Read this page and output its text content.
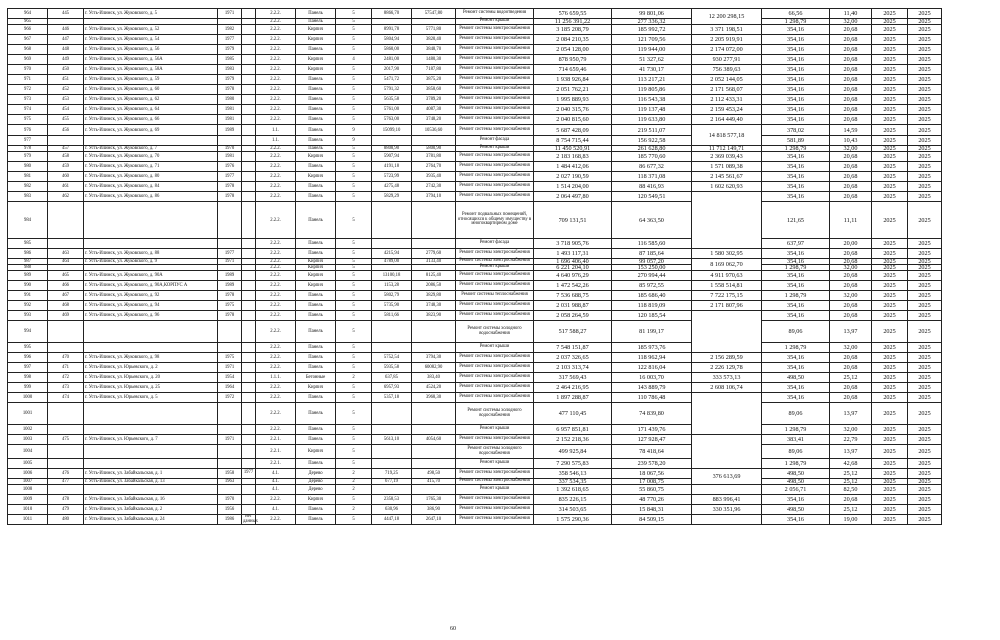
964	445	г. Усть-Илимск, ул. Жуковского, д. 5	1971		2.2.2.	Панель	5	8866,70	57547,80	Ремонт системы водоотведения	576 659,55	99 801,06	12 200 298,15	66,56	11,40	2025	2025
965					2.2.2.	Панель	5			Ремонт крыши	11 256 391,22	277 336,32		1 298,79	32,00	2025	2025
966	446	г. Усть-Илимск, ул. Жуковского, д. 52	1982		2.2.2.	Кирпич	5	8991,78	5771,80	Ремонт системы электроснабжения	3 185 208,79	185 992,72	3 371 198,51	354,16	20,68	2025	2025
967	447	г. Усть-Илимск, ул. Жуковского, д. 54	1977		2.2.2.	Кирпич	5	5804,94	3820,40	Ремонт системы электроснабжения	2 084 210,35	121 709,56	2 205 919,91	354,16	20,68	2025	2025
968	448	г. Усть-Илимск, ул. Жуковского, д. 56	1979		2.2.2.	Панель	5	5860,00	3848,70	Ремонт системы электроснабжения	2 054 128,00	119 944,00	2 174 072,00	354,16	20,68	2025	2025
969	449	г. Усть-Илимск, ул. Жуковского, д. 56А	1985		2.2.2.	Кирпич	4	2481,00	1480,30	Ремонт системы электроснабжения	878 950,79	51 327,62	930 277,91	354,16	20,68	2025	2025
970	450	г. Усть-Илимск, ул. Жуковского, д. 58А	1983		2.2.2.	Кирпич	5	2017,90	7187,80	Ремонт системы электроснабжения	714 659,46	41 730,17	756 389,63	354,16	20,68	2025	2025
971	451	г. Усть-Илимск, ул. Жуковского, д. 59	1979		2.2.2.	Панель	5	5471,72	3875,20	Ремонт системы электроснабжения	1 938 926,84	113 217,21	2 052 144,05	354,16	20,68	2025	2025
972	452	г. Усть-Илимск, ул. Жуковского, д. 60	1978		2.2.2.	Панель	5	5791,32	3858,60	Ремонт системы электроснабжения	2 051 762,21	119 805,86	2 171 568,07	354,16	20,68	2025	2025
973	453	г. Усть-Илимск, ул. Жуковского, д. 62	1980		2.2.2.	Панель	5	5635,58	3789,20	Ремонт системы электроснабжения	1 995 889,93	116 543,38	2 112 433,31	354,16	20,68	2025	2025
974	454	г. Усть-Илимск, ул. Жуковского, д. 64	1981		2.2.2.	Панель	5	5761,00	4087,30	Ремонт системы электроснабжения	2 040 315,76	119 137,48	2 159 453,24	354,16	20,68	2025	2025
975	455	г. Усть-Илимск, ул. Жуковского, д. 66	1981		2.2.2.	Панель	5	5763,00	3748,20	Ремонт системы электроснабжения	2 040 815,60	119 633,80	2 164 449,40	354,16	20,68	2025	2025
976	456	г. Усть-Илимск, ул. Жуковского, д. 69	1989		1.1.	Панель	9	15099,10	10536,60	Ремонт системы электроснабжения	5 687 428,09	219 511,07	14 818 577,18	378,02	14,59	2025	2025
977					1.1.	Панель	9			Ремонт фасада	8 754 715,44	156 922,58		581,89	10,43	2025	2025
978	457	г. Усть-Илимск, ул. Жуковского, д. 7	1970		2.2.2.	Панель	5	8808,90	5800,90	Ремонт крыши	11 450 520,91	261 628,80	11 712 149,71	1 298,79	32,00	2025	2025
979	458	г. Усть-Илимск, ул. Жуковского, д. 70	1981		2.2.2.	Кирпич	5	5907,94	3781,80	Ремонт системы электроснабжения	2 183 168,83	185 770,60	2 369 039,43	354,16	20,68	2025	2025
980	459	г. Усть-Илимск, ул. Жуковского, д. 71	1976		2.2.2.	Панель	5	4191,18	2764,70	Ремонт системы электроснабжения	1 484 412,06	86 677,32	1 571 089,38	354,16	20,68	2025	2025
981	460	г. Усть-Илимск, ул. Жуковского, д. 80	1977		2.2.2.	Кирпич	5	5723,99	3935,40	Ремонт системы электроснабжения	2 027 190,59	118 371,08	2 145 561,67	354,16	20,68	2025	2025
982	461	г. Усть-Илимск, ул. Жуковского, д. 84	1978		2.2.2.	Панель	5	4275,48	2742,30	Ремонт системы электроснабжения	1 514 204,00	88 416,93	1 602 620,93	354,16	20,68	2025	2025
983	462	г. Усть-Илимск, ул. Жуковского, д. 86	1978		2.2.2.	Панель	5	5829,29	3794,10	Ремонт системы электроснабжения	2 064 497,80	120 549,51		354,16	20,68	2025	2025
984					2.2.2.	Панель	5			Ремонт подвальных помещений, относящихся к общему имуществу в многоквартирном доме	709 131,51	64 363,50		121,65	11,11	2025	2025
985					2.2.2.	Панель	5			Ремонт фасада	3 718 905,76	116 585,60		637,97	20,00	2025	2025
986	463	г. Усть-Илимск, ул. Жуковского, д. 88	1977		2.2.2.	Панель	5	4215,94	2779,60	Ремонт системы электроснабжения	1 493 117,31	87 185,64	1 580 302,95	354,16	20,68	2025	2025
987	464	г. Усть-Илимск, ул. Жуковского, д. 9	1971		2.2.2.	Кирпич	5	4789,00	3133,40	Ремонт системы электроснабжения	1 696 406,40	99 057,20	8 169 062,70	354,16	20,68	2025	2025
988					2.2.2.	Кирпич	5			Ремонт крыши	6 221 204,10	153 250,00		1 298,79	32,00	2025	2025
989	465	г. Усть-Илимск, ул. Жуковского, д. 90А	1989		2.2.2.	Кирпич	5	13100,18	8125,40	Ремонт системы электроснабжения	4 640 976,29	270 994,44	4 911 970,63	354,16	20,68	2025	2025
990	466	г. Усть-Илимск, ул. Жуковского, д. 90А,КОРПУС А	1989		2.2.2.	Кирпич	5	1153,28	2086,50	Ремонт системы электроснабжения	1 472 542,26	85 972,55	1 558 514,81	354,16	20,68	2025	2025
991	467	г. Усть-Илимск, ул. Жуковского, д. 92	1978		2.2.2.	Панель	5	5802,79	3829,80	Ремонт системы теплоснабжения	7 536 688,75	185 686,40	7 722 175,15	1 298,79	32,00	2025	2025
992	468	г. Усть-Илимск, ул. Жуковского, д. 94	1975		2.2.2.	Панель	5	5735,90	3748,30	Ремонт системы электроснабжения	2 031 988,87	118 819,09	2 171 807,96	354,16	20,68	2025	2025
993	469	г. Усть-Илимск, ул. Жуковского, д. 96	1978		2.2.2.	Панель	5	5811,66	3823,90	Ремонт системы электроснабжения	2 058 264,59	120 185,54		354,16	20,68	2025	2025
994					2.2.2.	Панель	5			Ремонт системы холодного водоснабжения	517 588,27	81 199,17		89,06	13,97	2025	2025
995					2.2.2.	Панель	5			Ремонт крыши	7 548 151,87	185 973,76		1 298,79	32,00	2025	2025
996	470	г. Усть-Илимск, ул. Жуковского, д. 98	1975		2.2.2.	Панель	5	5752,54	3794,30	Ремонт системы электроснабжения	2 037 326,65	118 962,94	2 156 289,59	354,16	20,68	2025	2025
997	471	г. Усть-Илимск, ул. Юрьевского, д. 2	1971		2.2.2.	Панель	5	5935,58	60082,90	Ремонт системы электроснабжения	2 103 313,74	122 816,04	2 226 129,78	354,16	20,68	2025	2025
998	472	г. Усть-Илимск, ул. Юрьевского, д. 20	1954		1.1.1.	Бетонные	2	637,85	383,40	Ремонт системы электроснабжения	317 569,43	16 003,70	333 573,13	498,50	25,12	2025	2025
999	473	г. Усть-Илимск, ул. Юрьевского, д. 25	1964		2.2.2.	Кирпич	5	6957,93	4524,20	Ремонт системы электроснабжения	2 464 216,95	143 889,79	2 608 106,74	354,16	20,68	2025	2025
1000	474	г. Усть-Илимск, ул. Юрьевского, д. 5	1972		2.2.2.	Панель	5	5357,18	3968,30	Ремонт системы электроснабжения	1 897 288,87	110 786,48		354,16	20,68	2025	2025
1001					2.2.2.	Панель	5			Ремонт системы холодного водоснабжения	477 110,45	74 839,80		89,06	13,97	2025	2025
1002					2.2.2.	Панель	5			Ремонт крыши	6 957 851,81	171 439,76		1 298,79	32,00	2025	2025
1003	475	г. Усть-Илимск, ул. Юрьевского, д. 7	1971		2.2.1.	Панель	5	5613,10	4054,60	Ремонт системы электроснабжения	2 152 218,36	127 928,47		383,41	22,79	2025	2025
1004					2.2.1.	Кирпич	5			Ремонт системы холодного водоснабжения	499 925,84	78 418,64		89,06	13,97	2025	2025
1005					2.2.1.	Панель	5			Ремонт крыши	7 290 575,83	239 578,20		1 298,79	42,68	2025	2025
1006	476	г. Усть-Илимск, ул. Забайкальская, д. 1	1958	1977	4.1.	Дерево	2	719,25	498,50	Ремонт системы электроснабжения	358 546,13	18 067,56	376 613,69	498,50	25,12	2025	2025
1007	477	г. Усть-Илимск, ул. Забайкальская, д. 13	1963		4.1.	Дерево	2	677,19	415,70	Ремонт системы электроснабжения	337 534,35	17 008,75		498,50	25,12	2025	2025
1008					4.1.	Дерево	2			Ремонт крыши	1 392 618,65	55 860,75		2 056,71	82,50	2025	2025
1009	478	г. Усть-Илимск, ул. Забайкальская, д. 16	1970		2.2.2.	Кирпич	5	2358,53	1765,30	Ремонт системы электроснабжения	835 226,15	48 770,26	883 996,41	354,16	20,68	2025	2025
1010	479	г. Усть-Илимск, ул. Забайкальская, д. 2	1956		4.1.	Панель	2	630,96	386,90	Ремонт системы электроснабжения	314 503,65	15 848,31	330 351,96	498,50	25,12	2025	2025
1011	480	г. Усть-Илимск, ул. Забайкальская, д. 24	1986	нет данных	2.2.2.	Панель	5	4447,18	2647,10	Ремонт системы электроснабжения	1 575 290,36	84 509,15		354,16	19,00	2025	2025
60
